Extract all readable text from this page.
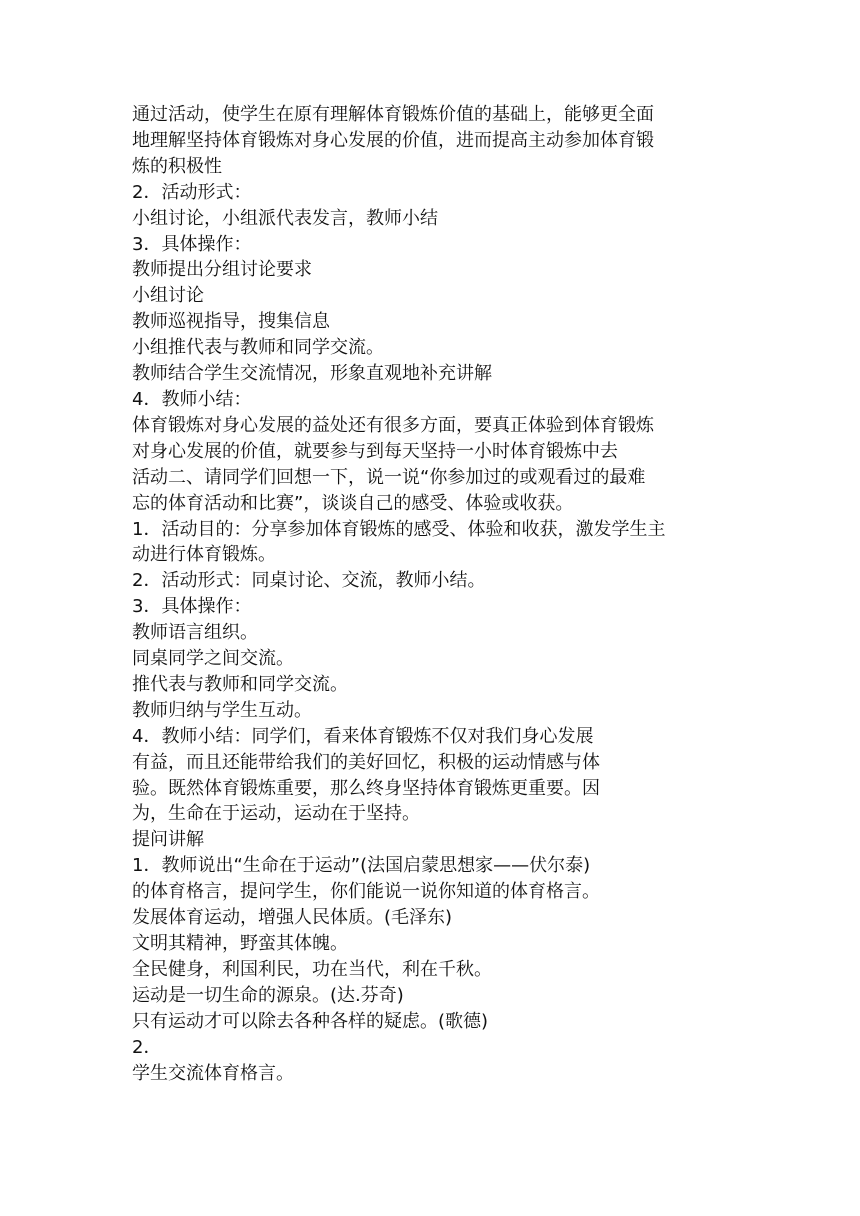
通过活动，使学生在原有理解体育锻炼价值的基础上，能够更全面

地理解坚持体育锻炼对身心发展的价值，进而提高主动参加体育锻

炼的积极性

2．活动形式：

小组讨论，小组派代表发言，教师小结

3．具体操作：

教师提出分组讨论要求

小组讨论

教师巡视指导，搜集信息

小组推代表与教师和同学交流。

教师结合学生交流情况，形象直观地补充讲解

4．教师小结：

体育锻炼对身心发展的益处还有很多方面，要真正体验到体育锻炼

对身心发展的价值，就要参与到每天坚持一小时体育锻炼中去

活动二、请同学们回想一下，说一说“你参加过的或观看过的最难

忘的体育活动和比赛”，谈谈自己的感受、体验或收获。

1．活动目的：分享参加体育锻炼的感受、体验和收获，激发学生主

动进行体育锻炼。

2．活动形式：同桌讨论、交流，教师小结。

3．具体操作：

教师语言组织。

同桌同学之间交流。

推代表与教师和同学交流。

教师归纳与学生互动。

4．教师小结：同学们，看来体育锻炼不仅对我们身心发展

有益，而且还能带给我们的美好回忆，积极的运动情感与体

验。既然体育锻炼重要，那么终身坚持体育锻炼更重要。因

为，生命在于运动，运动在于坚持。

提问讲解

1．教师说出“生命在于运动”(法国启蒙思想家——伏尔泰)

的体育格言，提问学生，你们能说一说你知道的体育格言。

发展体育运动，增强人民体质。(毛泽东)

文明其精神，野蛮其体魄。

全民健身，利国利民，功在当代，利在千秋。

运动是一切生命的源泉。(达.芬奇)

只有运动才可以除去各种各样的疑虑。(歌德)

2．

学生交流体育格言。
